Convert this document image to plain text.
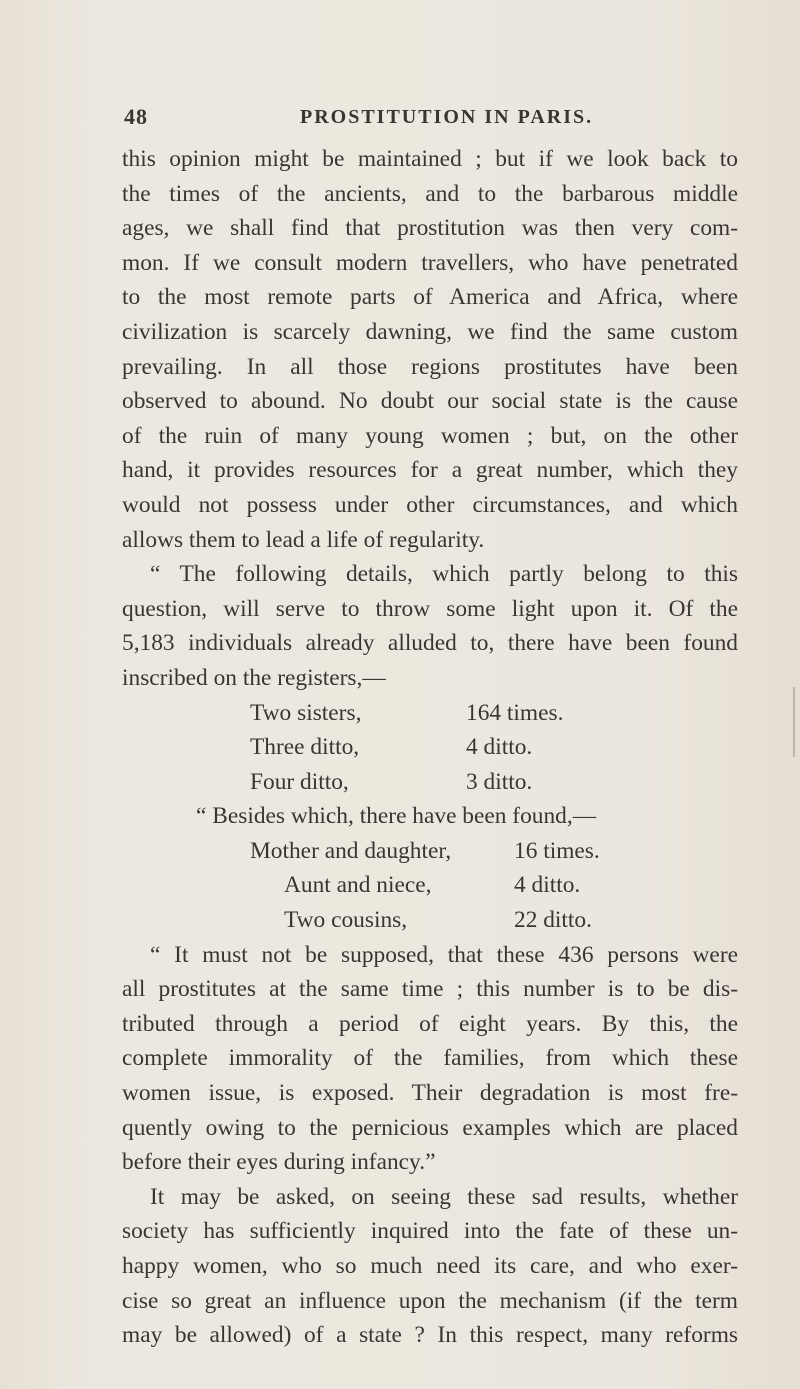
48	PROSTITUTION IN PARIS.
this opinion might be maintained ; but if we look back to
the times of the ancients, and to the barbarous middle
ages, we shall find that prostitution was then very com-
mon. If we consult modern travellers, who have penetrated
to the most remote parts of America and Africa, where
civilization is scarcely dawning, we find the same custom
prevailing. In all those regions prostitutes have been
observed to abound. No doubt our social state is the cause
of the ruin of many young women ; but, on the other
hand, it provides resources for a great number, which they
would not possess under other circumstances, and which
allows them to lead a life of regularity.
“ The following details, which partly belong to this
question, will serve to throw some light upon it. Of the
5,183 individuals already alluded to, there have been found
inscribed on the registers,—
Two sisters,	164 times.
Three ditto,	4 ditto.
Four ditto,	3 ditto.
“ Besides which, there have been found,—
Mother and daughter,	16 times.
Aunt and niece,	4 ditto.
Two cousins,	22 ditto.
“ It must not be supposed, that these 436 persons were
all prostitutes at the same time ; this number is to be dis-
tributed through a period of eight years. By this, the
complete immorality of the families, from which these
women issue, is exposed. Their degradation is most fre-
quently owing to the pernicious examples which are placed
before their eyes during infancy.”
It may be asked, on seeing these sad results, whether
society has sufficiently inquired into the fate of these un-
happy women, who so much need its care, and who exer-
cise so great an influence upon the mechanism (if the term
may be allowed) of a state ? In this respect, many reforms
